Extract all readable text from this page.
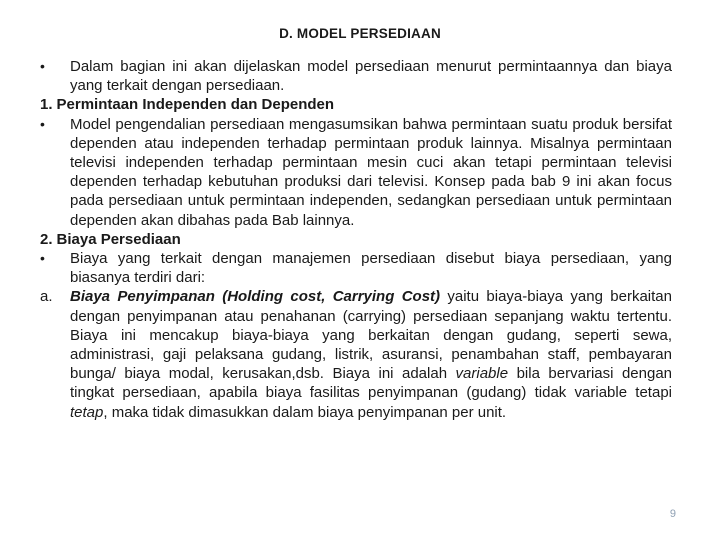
D. MODEL PERSEDIAAN
•	Dalam bagian ini akan dijelaskan model persediaan menurut permintaannya dan biaya yang terkait dengan persediaan.
1. Permintaan Independen dan Dependen
•	Model pengendalian persediaan mengasumsikan bahwa permintaan suatu produk bersifat dependen atau independen terhadap permintaan produk lainnya. Misalnya permintaan televisi independen terhadap permintaan mesin cuci akan tetapi permintaan televisi dependen terhadap kebutuhan produksi dari televisi. Konsep pada bab 9 ini akan focus pada persediaan untuk permintaan independen, sedangkan persediaan untuk permintaan dependen akan dibahas pada Bab lainnya.
2. Biaya Persediaan
•	Biaya yang terkait dengan manajemen persediaan disebut biaya persediaan, yang biasanya terdiri dari:
a.	Biaya Penyimpanan (Holding cost, Carrying Cost) yaitu biaya-biaya yang berkaitan dengan penyimpanan atau penahanan (carrying) persediaan sepanjang waktu tertentu. Biaya ini mencakup biaya-biaya yang berkaitan dengan gudang, seperti sewa, administrasi, gaji pelaksana gudang, listrik, asuransi, penambahan staff, pembayaran bunga/ biaya modal, kerusakan,dsb. Biaya ini adalah variable bila bervariasi dengan tingkat persediaan, apabila biaya fasilitas penyimpanan (gudang) tidak variable tetapi tetap, maka tidak dimasukkan dalam biaya penyimpanan per unit.
9
